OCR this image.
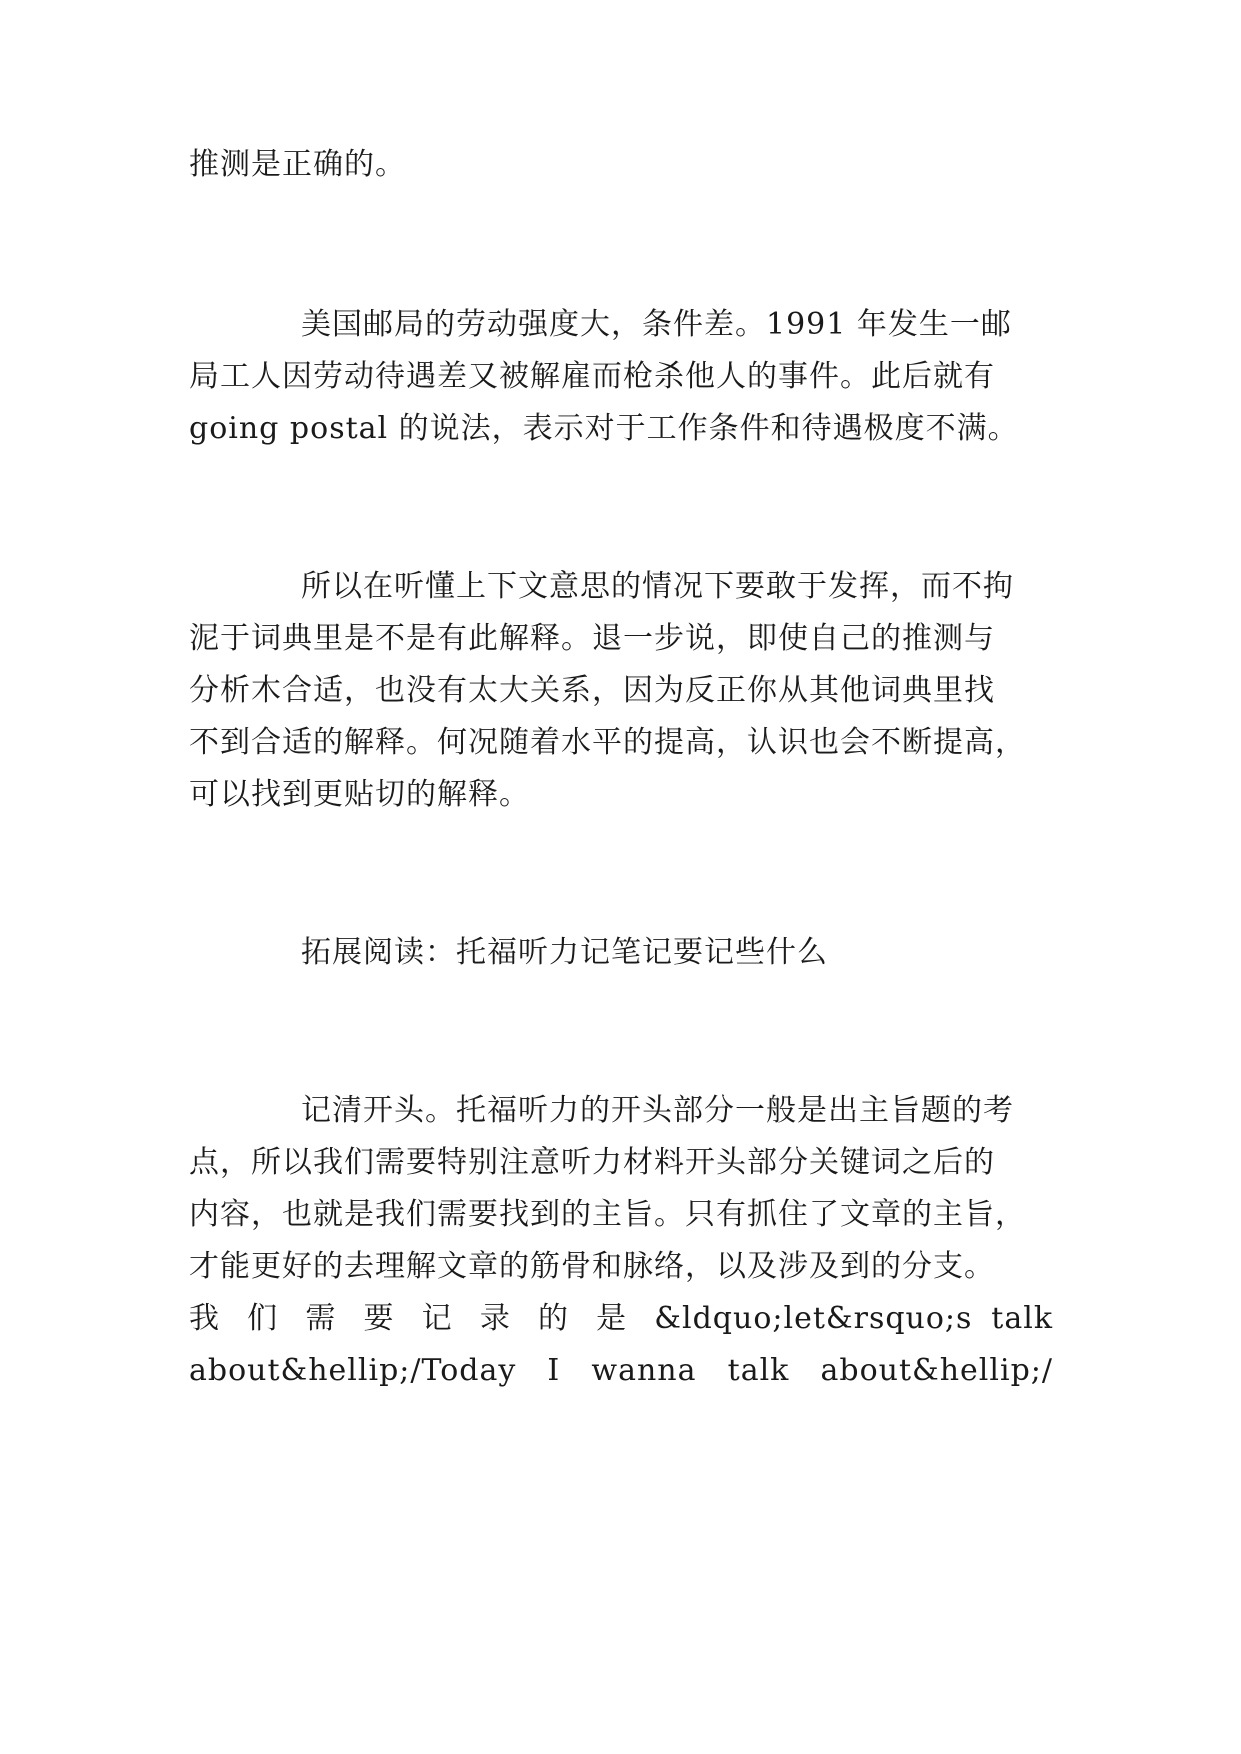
推测是正确的。

美国邮局的劳动强度大，条件差。1991 年发生一邮

局工人因劳动待遇差又被解雇而枪杀他人的事件。此后就有

going postal 的说法，表示对于工作条件和待遇极度不满。

所以在听懂上下文意思的情况下要敢于发挥，而不拘

泥于词典里是不是有此解释。退一步说，即使自己的推测与

分析木合适，也没有太大关系，因为反正你从其他词典里找

不到合适的解释。何况随着水平的提高，认识也会不断提高，

可以找到更贴切的解释。

拓展阅读：托福听力记笔记要记些什么

记清开头。托福听力的开头部分一般是出主旨题的考

点，所以我们需要特别注意听力材料开头部分关键词之后的

内容，也就是我们需要找到的主旨。只有抓住了文章的主旨，

才能更好的去理解文章的筋骨和脉络，以及涉及到的分支。

我 们 需 要 记 录 的 是 &ldquo;let&rsquo;s talk

about&hellip;/Today I wanna talk about&hellip;/
